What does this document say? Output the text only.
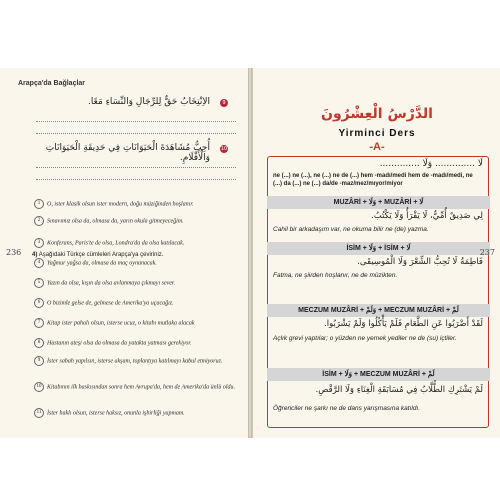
Arapça'da Bağlaçlar
9
الاِنْتِخَابُ حَقٌّ لِلرِّجَالِ وَالنِّسَاءِ مَعًا.
10
أُحِبُّ مُشَاهَدَةَ الْحَيَوَانَاتِ فِي حَدِيقَةِ الْحَيَوَانَاتِ وَالْأَفْلَامِ.
4) Aşağıdaki Türkçe cümleleri Arapça'ya çeviriniz.
1 O, ister klasik olsun ister modern, doğu müziğinden hoşlanır.
2 Sınavımız olsa da, olmasa da, yarın okula gitmeyeceğim.
3 Konferans, Paris'te de olsa, Londra'da da olsa katılacak.
4 Yağmur yağsa da, olmasa da maç oynanacak.
5 Yazın da olsa, kışın da olsa avlanmaya çıkmayı sever.
6 O bizimle gelse de, gelmese de Amerika'ya uçacağız.
7 Kitap ister pahalı olsun, isterse ucuz, o kitabı mutlaka alacak
8 Hastanın ateşi olsa da olmasa da yatakta yatması gerekiyor.
9 İster sabah yapılsın, isterse akşam, toplantıya katılmayı kabul etmiyoruz.
10 Kitabının ilk baskısından sonra hem Avrupa'da, hem de Amerika'da ünlü oldu.
11 İster haklı olsun, isterse haksız, onunla işbirliği yapmam.
236
الدَّرْسُ الْعِشْرُونَ
Yirminci Ders
-A-
لَا .............. وَلَا ..............
ne (...) ne (...), ne (...) ne de (...) hem -madı/medi hem de -madı/medi, ne (...) da (...) ne (...) da/de -maz/mez/mıyor/miyor
MUZÂRİ + وَلَا + MUZÂRİ + لَا
لِي صَدِيقٌ أُمِّيٌّ، لَا يَقْرَأُ وَلَا يَكْتُبُ.
Cahil bir arkadaşım var, ne okuma bilir ne (de) yazma.
İSİM + وَلَا + İSİM + لَا
فَاطِمَةُ لَا تُحِبُّ الشِّعْرَ وَلَا الْمُوسِيقَى.
Fatma, ne şiirden hoşlanır, ne de müzikten.
MECZUM MUZÂRİ + وَلَمْ + MECZUM MUZÂRİ + لَمْ
لَقَدْ أَضْرَبُوا عَنِ الطَّعَامِ فَلَمْ يَأْكُلُوا وَلَمْ يَشْرَبُوا.
Açlık grevi yaptılar; o yüzden ne yemek yediler ne de (su) içtiler.
İSİM + وَلَا + MECZUM MUZÂRİ + لَمْ
لَمْ يَشْتَرِكِ الطُّلَّابُ فِي مُسَابَقَةِ الْغِنَاءِ وَلَا الرَّقْصِ.
Öğrenciler ne şarkı ne de dans yarışmasına katıldı.
237
